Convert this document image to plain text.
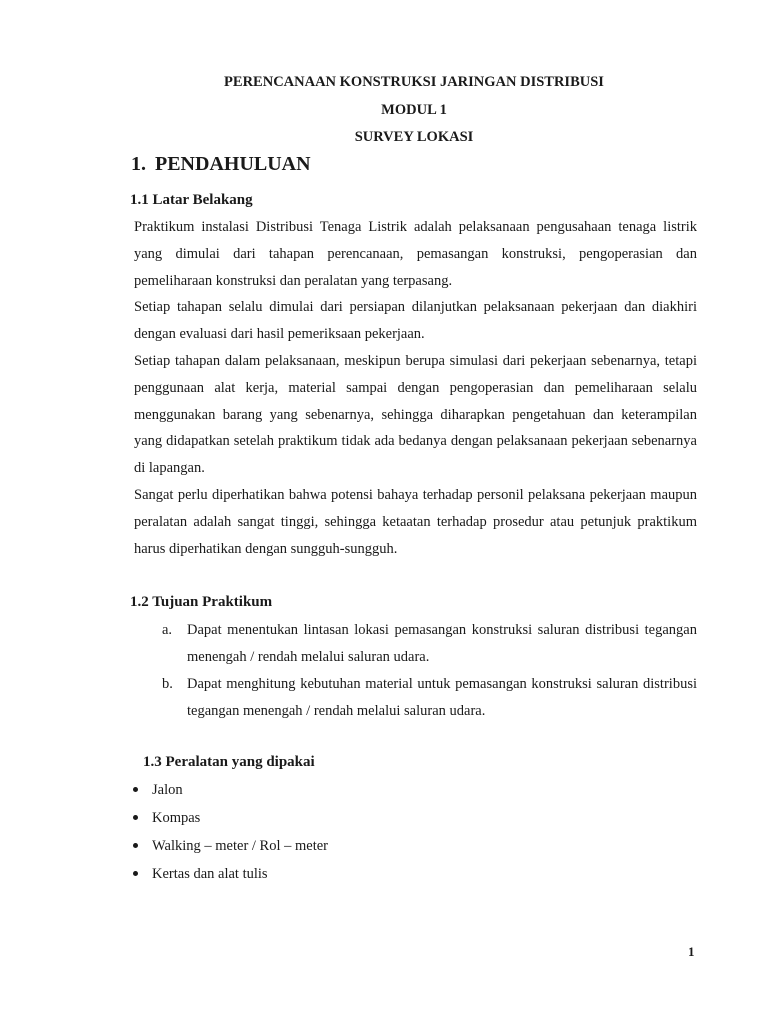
PERENCANAAN KONSTRUKSI JARINGAN DISTRIBUSI

MODUL 1

SURVEY LOKASI

1. PENDAHULUAN
1.1 Latar Belakang

Praktikum instalasi Distribusi Tenaga Listrik adalah pelaksanaan pengusahaan tenaga listrik yang dimulai dari tahapan perencanaan, pemasangan konstruksi, pengoperasian dan pemeliharaan konstruksi dan peralatan yang terpasang.

Setiap tahapan selalu dimulai dari persiapan dilanjutkan pelaksanaan pekerjaan dan diakhiri dengan evaluasi dari hasil pemeriksaan pekerjaan.

Setiap tahapan dalam pelaksanaan, meskipun berupa simulasi dari pekerjaan sebenarnya, tetapi penggunaan alat kerja, material sampai dengan pengoperasian dan pemeliharaan selalu menggunakan barang yang sebenarnya, sehingga diharapkan pengetahuan dan keterampilan yang didapatkan setelah praktikum tidak ada bedanya dengan pelaksanaan pekerjaan sebenarnya di lapangan.

Sangat perlu diperhatikan bahwa potensi bahaya terhadap personil pelaksana pekerjaan maupun peralatan adalah sangat tinggi, sehingga ketaatan terhadap prosedur atau petunjuk praktikum harus diperhatikan dengan sungguh-sungguh.

1.2 Tujuan Praktikum
a. Dapat menentukan lintasan lokasi pemasangan konstruksi saluran distribusi tegangan menengah / rendah melalui saluran udara.
b. Dapat menghitung kebutuhan material untuk pemasangan konstruksi saluran distribusi tegangan menengah / rendah melalui saluran udara.
1.3 Peralatan yang dipakai
Jalon
Kompas
Walking – meter / Rol – meter
Kertas dan alat tulis

1
